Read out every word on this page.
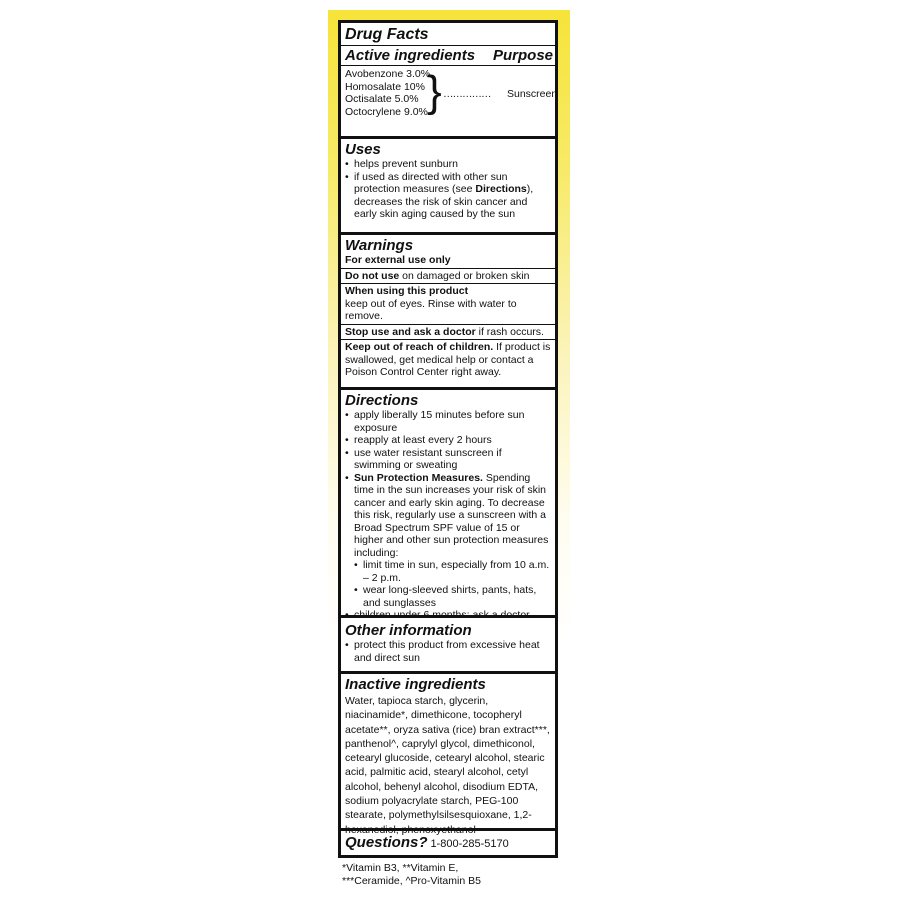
Drug Facts
Active ingredients Purpose
Avobenzone 3.0%
Homosalate 10%
Octisalate 5.0%
Octocrylene 9.0% } …………… Sunscreen
Uses
• helps prevent sunburn
• if used as directed with other sun protection measures (see Directions), decreases the risk of skin cancer and early skin aging caused by the sun
Warnings
For external use only
Do not use on damaged or broken skin
When using this product
keep out of eyes. Rinse with water to remove.
Stop use and ask a doctor if rash occurs.
Keep out of reach of children. If product is swallowed, get medical help or contact a Poison Control Center right away.
Directions
• apply liberally 15 minutes before sun exposure
• reapply at least every 2 hours
• use water resistant sunscreen if swimming or sweating
• Sun Protection Measures. Spending time in the sun increases your risk of skin cancer and early skin aging. To decrease this risk, regularly use a sunscreen with a Broad Spectrum SPF value of 15 or higher and other sun protection measures including:
• limit time in sun, especially from 10 a.m. – 2 p.m.
• wear long-sleeved shirts, pants, hats, and sunglasses
Other information
• protect this product from excessive heat and direct sun
Inactive ingredients
Water, tapioca starch, glycerin, niacinamide*, dimethicone, tocopheryl acetate**, oryza sativa (rice) bran extract***, panthenol^, caprylyl glycol, dimethiconol, cetearyl glucoside, cetearyl alcohol, stearic acid, palmitic acid, stearyl alcohol, cetyl alcohol, behenyl alcohol, disodium EDTA, sodium polyacrylate starch, PEG-100 stearate, polymethylsilsesquioxane, 1,2-
Questions? 1-800-285-5170
*Vitamin B3, **Vitamin E,
***Ceramide, ^Pro-Vitamin B5
